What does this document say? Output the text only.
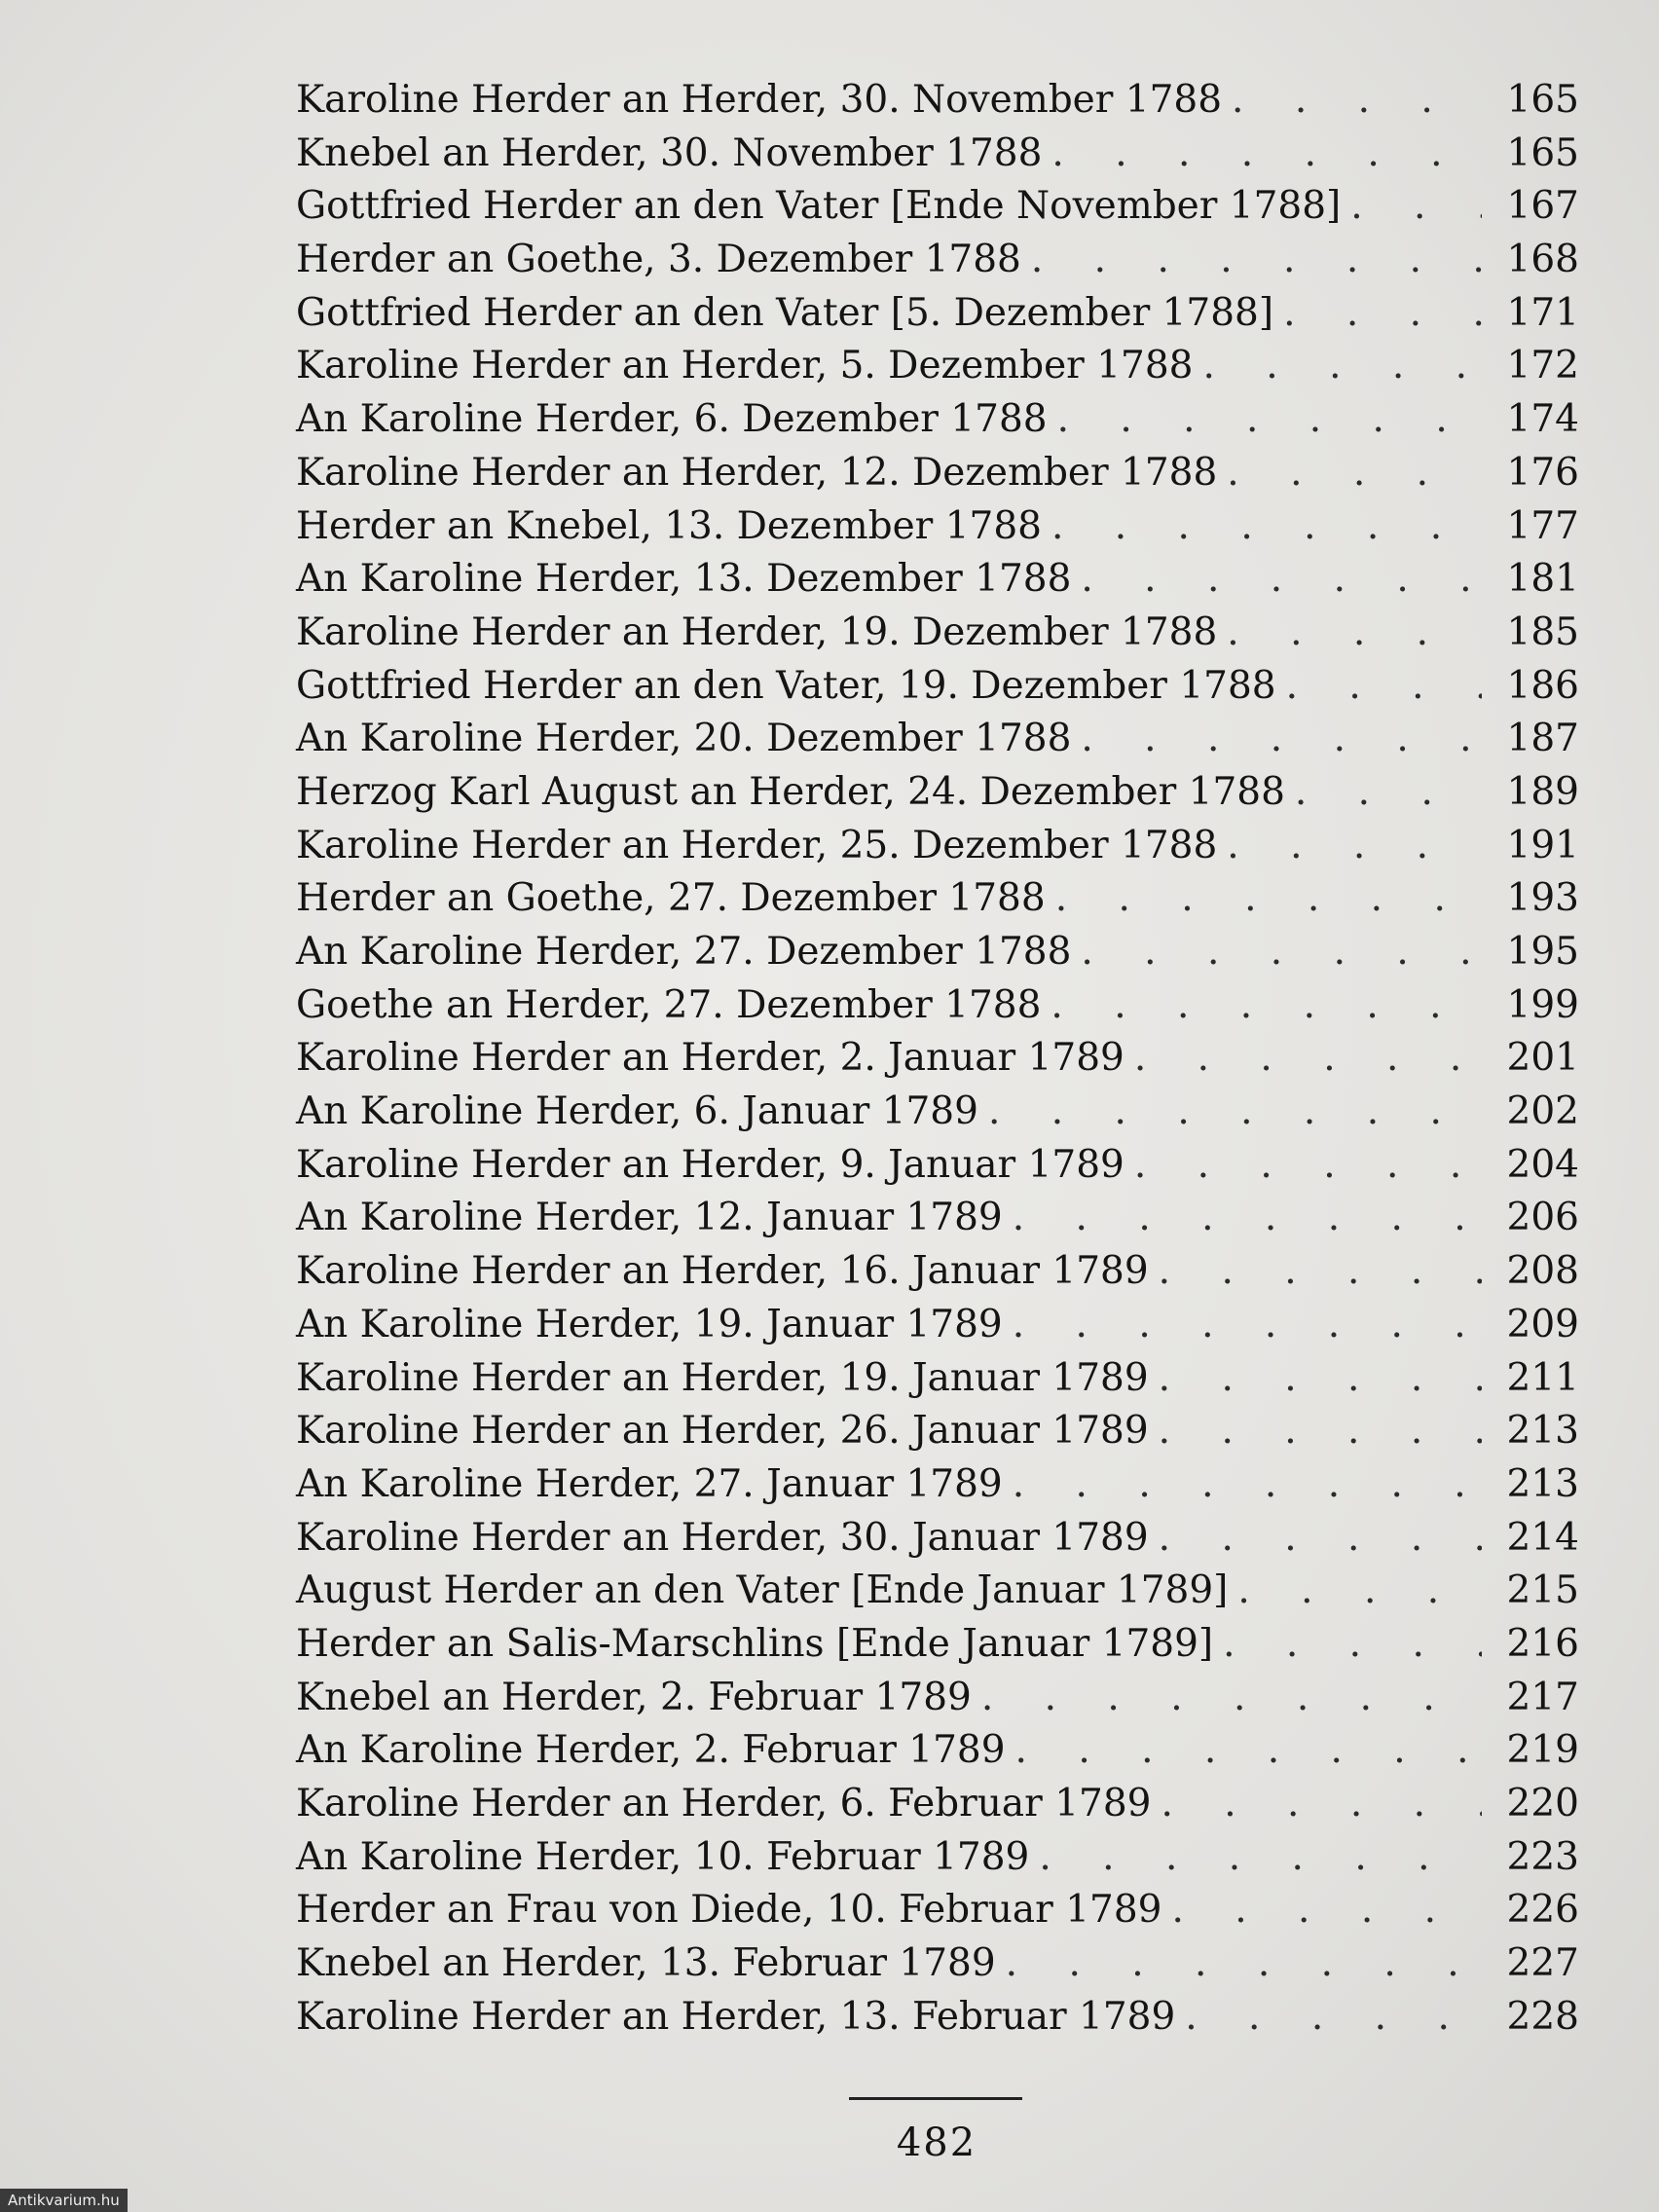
Karoline Herder an Herder, 30. November 1788 . . .	165
Knebel an Herder, 30. November 1788 . . .	165
Gottfried Herder an den Vater [Ende November 1788] . . .	167
Herder an Goethe, 3. Dezember 1788 . . .	168
Gottfried Herder an den Vater [5. Dezember 1788] . . .	171
Karoline Herder an Herder, 5. Dezember 1788 . . .	172
An Karoline Herder, 6. Dezember 1788 . . .	174
Karoline Herder an Herder, 12. Dezember 1788 . . .	176
Herder an Knebel, 13. Dezember 1788 . . .	177
An Karoline Herder, 13. Dezember 1788 . . .	181
Karoline Herder an Herder, 19. Dezember 1788 . . .	185
Gottfried Herder an den Vater, 19. Dezember 1788 . . .	186
An Karoline Herder, 20. Dezember 1788 . . .	187
Herzog Karl August an Herder, 24. Dezember 1788 . . .	189
Karoline Herder an Herder, 25. Dezember 1788 . . .	191
Herder an Goethe, 27. Dezember 1788 . . .	193
An Karoline Herder, 27. Dezember 1788 . . .	195
Goethe an Herder, 27. Dezember 1788 . . .	199
Karoline Herder an Herder, 2. Januar 1789 . . .	201
An Karoline Herder, 6. Januar 1789 . . .	202
Karoline Herder an Herder, 9. Januar 1789 . . .	204
An Karoline Herder, 12. Januar 1789 . . .	206
Karoline Herder an Herder, 16. Januar 1789 . . .	208
An Karoline Herder, 19. Januar 1789 . . .	209
Karoline Herder an Herder, 19. Januar 1789 . . .	211
Karoline Herder an Herder, 26. Januar 1789 . . .	213
An Karoline Herder, 27. Januar 1789 . . .	213
Karoline Herder an Herder, 30. Januar 1789 . . .	214
August Herder an den Vater [Ende Januar 1789] . . .	215
Herder an Salis-Marschlins [Ende Januar 1789] . . .	216
Knebel an Herder, 2. Februar 1789 . . .	217
An Karoline Herder, 2. Februar 1789 . . .	219
Karoline Herder an Herder, 6. Februar 1789 . . .	220
An Karoline Herder, 10. Februar 1789 . . .	223
Herder an Frau von Diede, 10. Februar 1789 . . .	226
Knebel an Herder, 13. Februar 1789 . . .	227
Karoline Herder an Herder, 13. Februar 1789 . . .	228
482
Antikvarium.hu
